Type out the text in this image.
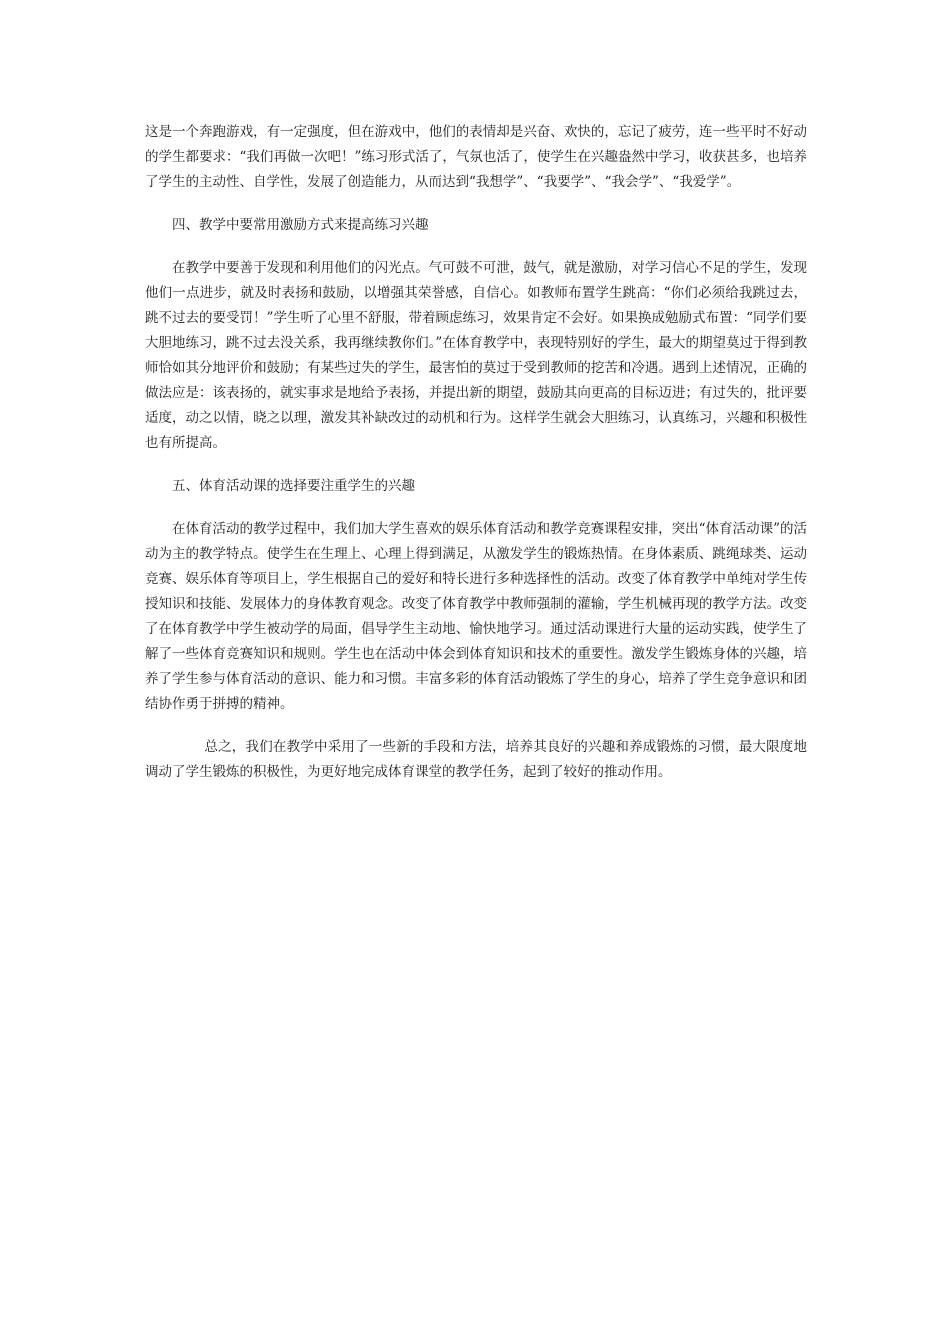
这是一个奔跑游戏，有一定强度，但在游戏中，他们的表情却是兴奋、欢快的，忘记了疲劳，连一些平时不好动的学生都要求：“我们再做一次吧！”练习形式活了，气氛也活了，使学生在兴趣盎然中学习，收获甚多，也培养了学生的主动性、自学性，发展了创造能力，从而达到“我想学”、“我要学”、“我会学”、“我爱学”。

四、教学中要常用激励方式来提高练习兴趣

在教学中要善于发现和利用他们的闪光点。气可鼓不可泄，鼓气，就是激励，对学习信心不足的学生，发现他们一点进步，就及时表扬和鼓励，以增强其荣誉感，自信心。如教师布置学生跳高：“你们必须给我跳过去，跳不过去的要受罚！”学生听了心里不舒服，带着顾虑练习，效果肯定不会好。如果换成勉励式布置：“同学们要大胆地练习，跳不过去没关系，我再继续教你们。”在体育教学中，表现特别好的学生，最大的期望莫过于得到教师恰如其分地评价和鼓励；有某些过失的学生，最害怕的莫过于受到教师的挖苦和冷遇。遇到上述情况，正确的做法应是：该表扬的，就实事求是地给予表扬，并提出新的期望，鼓励其向更高的目标迈进；有过失的，批评要适度，动之以情，晓之以理，激发其补缺改过的动机和行为。这样学生就会大胆练习，认真练习，兴趣和积极性也有所提高。

五、体育活动课的选择要注重学生的兴趣

在体育活动的教学过程中，我们加大学生喜欢的娱乐体育活动和教学竞赛课程安排，突出“体育活动课”的活动为主的教学特点。使学生在生理上、心理上得到满足，从激发学生的锻炼热情。在身体素质、跳绳球类、运动竞赛、娱乐体育等项目上，学生根据自己的爱好和特长进行多种选择性的活动。改变了体育教学中单纯对学生传授知识和技能、发展体力的身体教育观念。改变了体育教学中教师强制的灌输，学生机械再现的教学方法。改变了在体育教学中学生被动学的局面，倡导学生主动地、愉快地学习。通过活动课进行大量的运动实践，使学生了解了一些体育竞赛知识和规则。学生也在活动中体会到体育知识和技术的重要性。激发学生锻炼身体的兴趣，培养了学生参与体育活动的意识、能力和习惯。丰富多彩的体育活动锻炼了学生的身心，培养了学生竞争意识和团结协作勇于拼搏的精神。

总之，我们在教学中采用了一些新的手段和方法，培养其良好的兴趣和养成锻炼的习惯，最大限度地调动了学生锻炼的积极性，为更好地完成体育课堂的教学任务，起到了较好的推动作用。
